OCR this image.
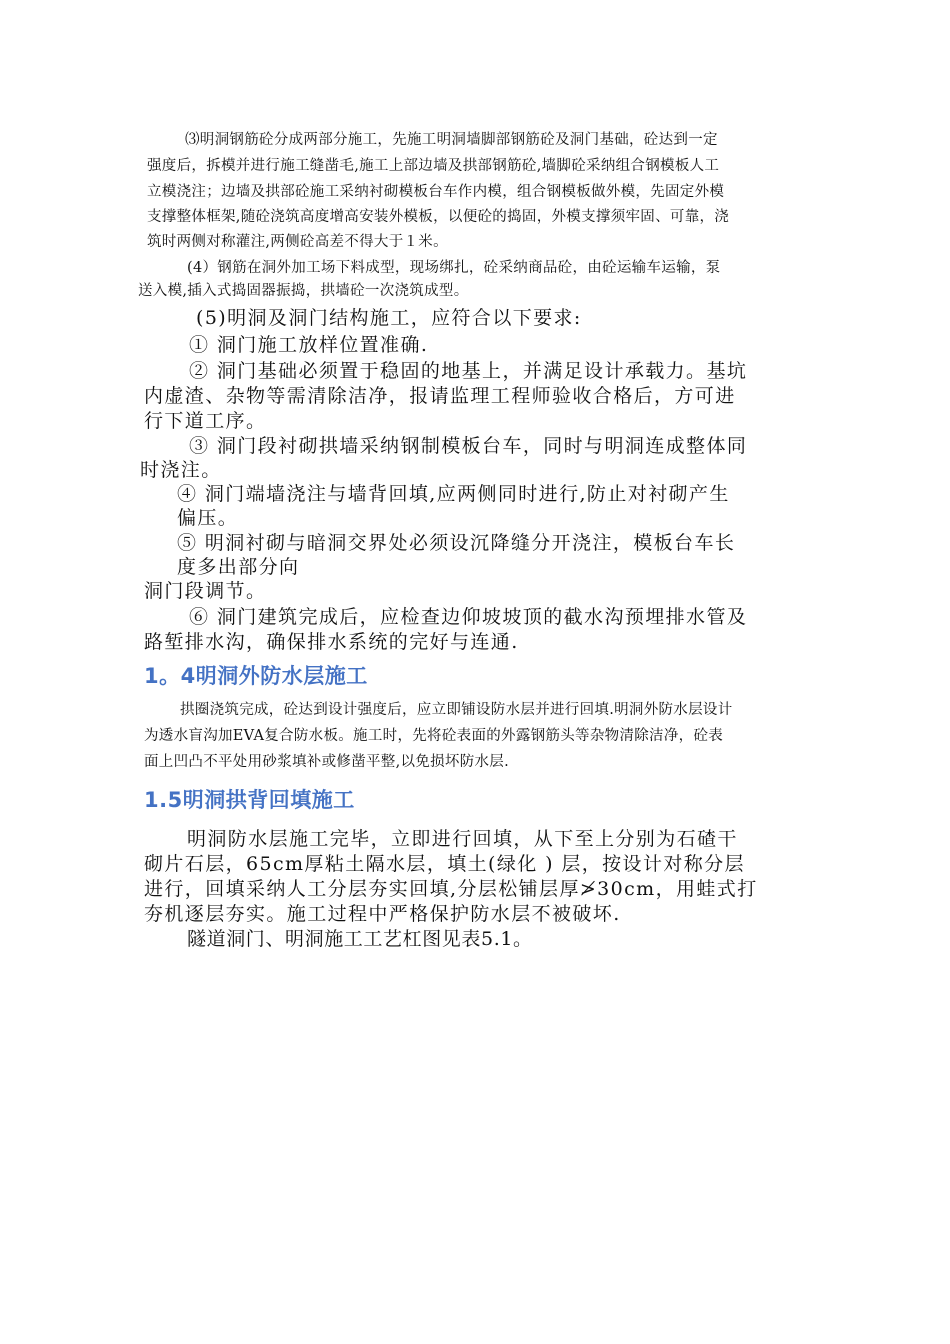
⑶明洞钢筋砼分成两部分施工，先施工明洞墙脚部钢筋砼及洞门基础，砼达到一定
强度后，拆模并进行施工缝凿毛,施工上部边墙及拱部钢筋砼,墙脚砼采纳组合钢模板人工
立模浇注；边墙及拱部砼施工采纳衬砌模板台车作内模，组合钢模板做外模，先固定外模
支撑整体框架,随砼浇筑高度增高安装外模板，以便砼的捣固，外模支撑须牢固、可靠，浇
筑时两侧对称灌注,两侧砼高差不得大于１米。
(4）钢筋在洞外加工场下料成型，现场绑扎，砼采纳商品砼，由砼运输车运输，泵
送入模,插入式捣固器振捣，拱墙砼一次浇筑成型。
(5)明洞及洞门结构施工，应符合以下要求:
① 洞门施工放样位置准确.
② 洞门基础必须置于稳固的地基上，并满足设计承载力。基坑
内虚渣、杂物等需清除洁净，报请监理工程师验收合格后，方可进
行下道工序。
③ 洞门段衬砌拱墙采纳钢制模板台车，同时与明洞连成整体同
时浇注。
④ 洞门端墙浇注与墙背回填,应两侧同时进行,防止对衬砌产生
偏压。
⑤ 明洞衬砌与暗洞交界处必须设沉降缝分开浇注，模板台车长
度多出部分向
洞门段调节。
⑥ 洞门建筑完成后，应检查边仰坡坡顶的截水沟预埋排水管及
路堑排水沟，确保排水系统的完好与连通.
1。4明洞外防水层施工
拱圈浇筑完成，砼达到设计强度后，应立即铺设防水层并进行回填.明洞外防水层设计
为透水盲沟加EVA复合防水板。施工时，先将砼表面的外露钢筋头等杂物清除洁净，砼表
面上凹凸不平处用砂浆填补或修凿平整,以免损坏防水层.
1.5明洞拱背回填施工
明洞防水层施工完毕，立即进行回填，从下至上分别为石碴干
砌片石层，65cm厚粘土隔水层，填土(绿化 ) 层，按设计对称分层
进行，回填采纳人工分层夯实回填,分层松铺层厚≯30cm，用蛙式打
夯机逐层夯实。施工过程中严格保护防水层不被破坏.
隧道洞门、明洞施工工艺杠图见表5.1。
